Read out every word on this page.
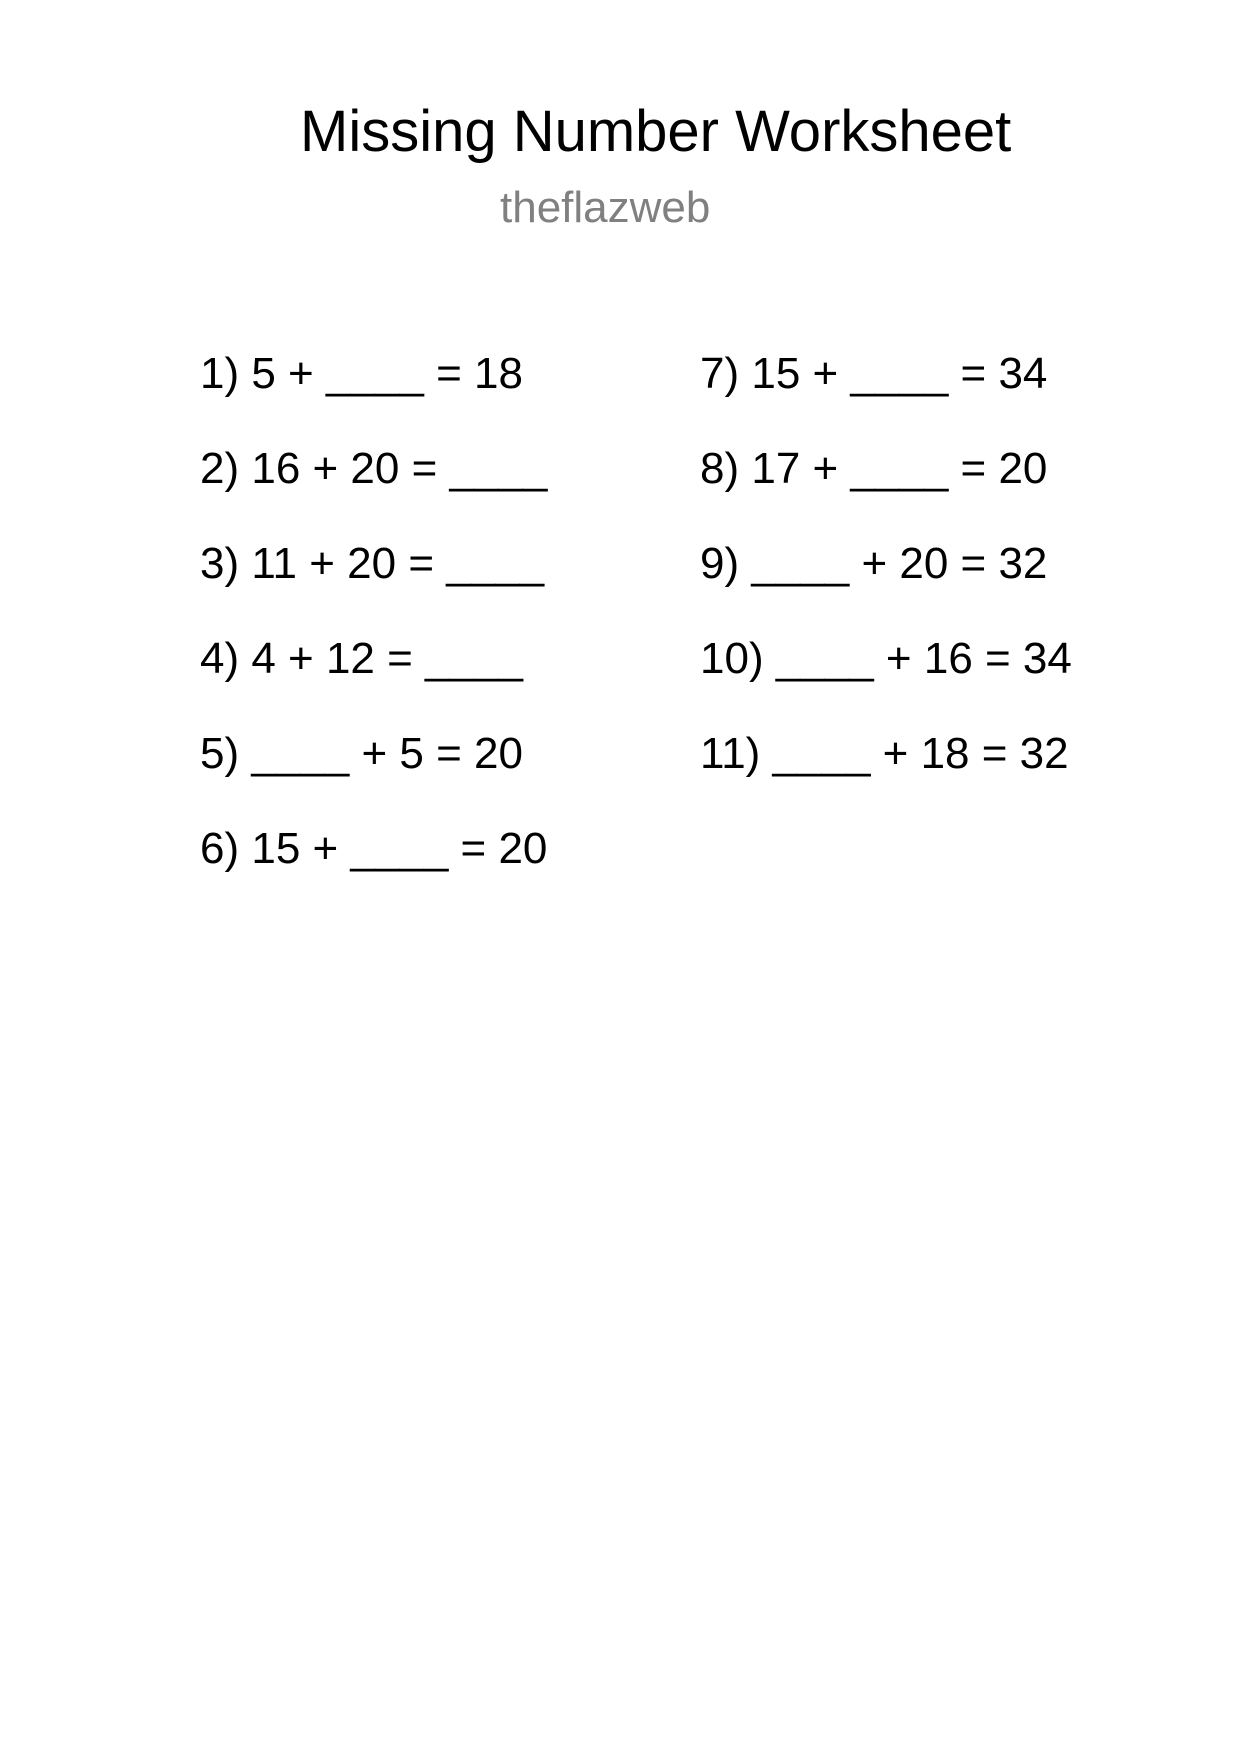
Missing Number Worksheet
theflazweb
1) 5 + ____ = 18
2) 16 + 20 = ____
3) 11 + 20 = ____
4) 4 + 12 = ____
5) ____ + 5 = 20
6) 15 + ____ = 20
7) 15 + ____ = 34
8) 17 + ____ = 20
9) ____ + 20 = 32
10) ____ + 16 = 34
11) ____ + 18 = 32
